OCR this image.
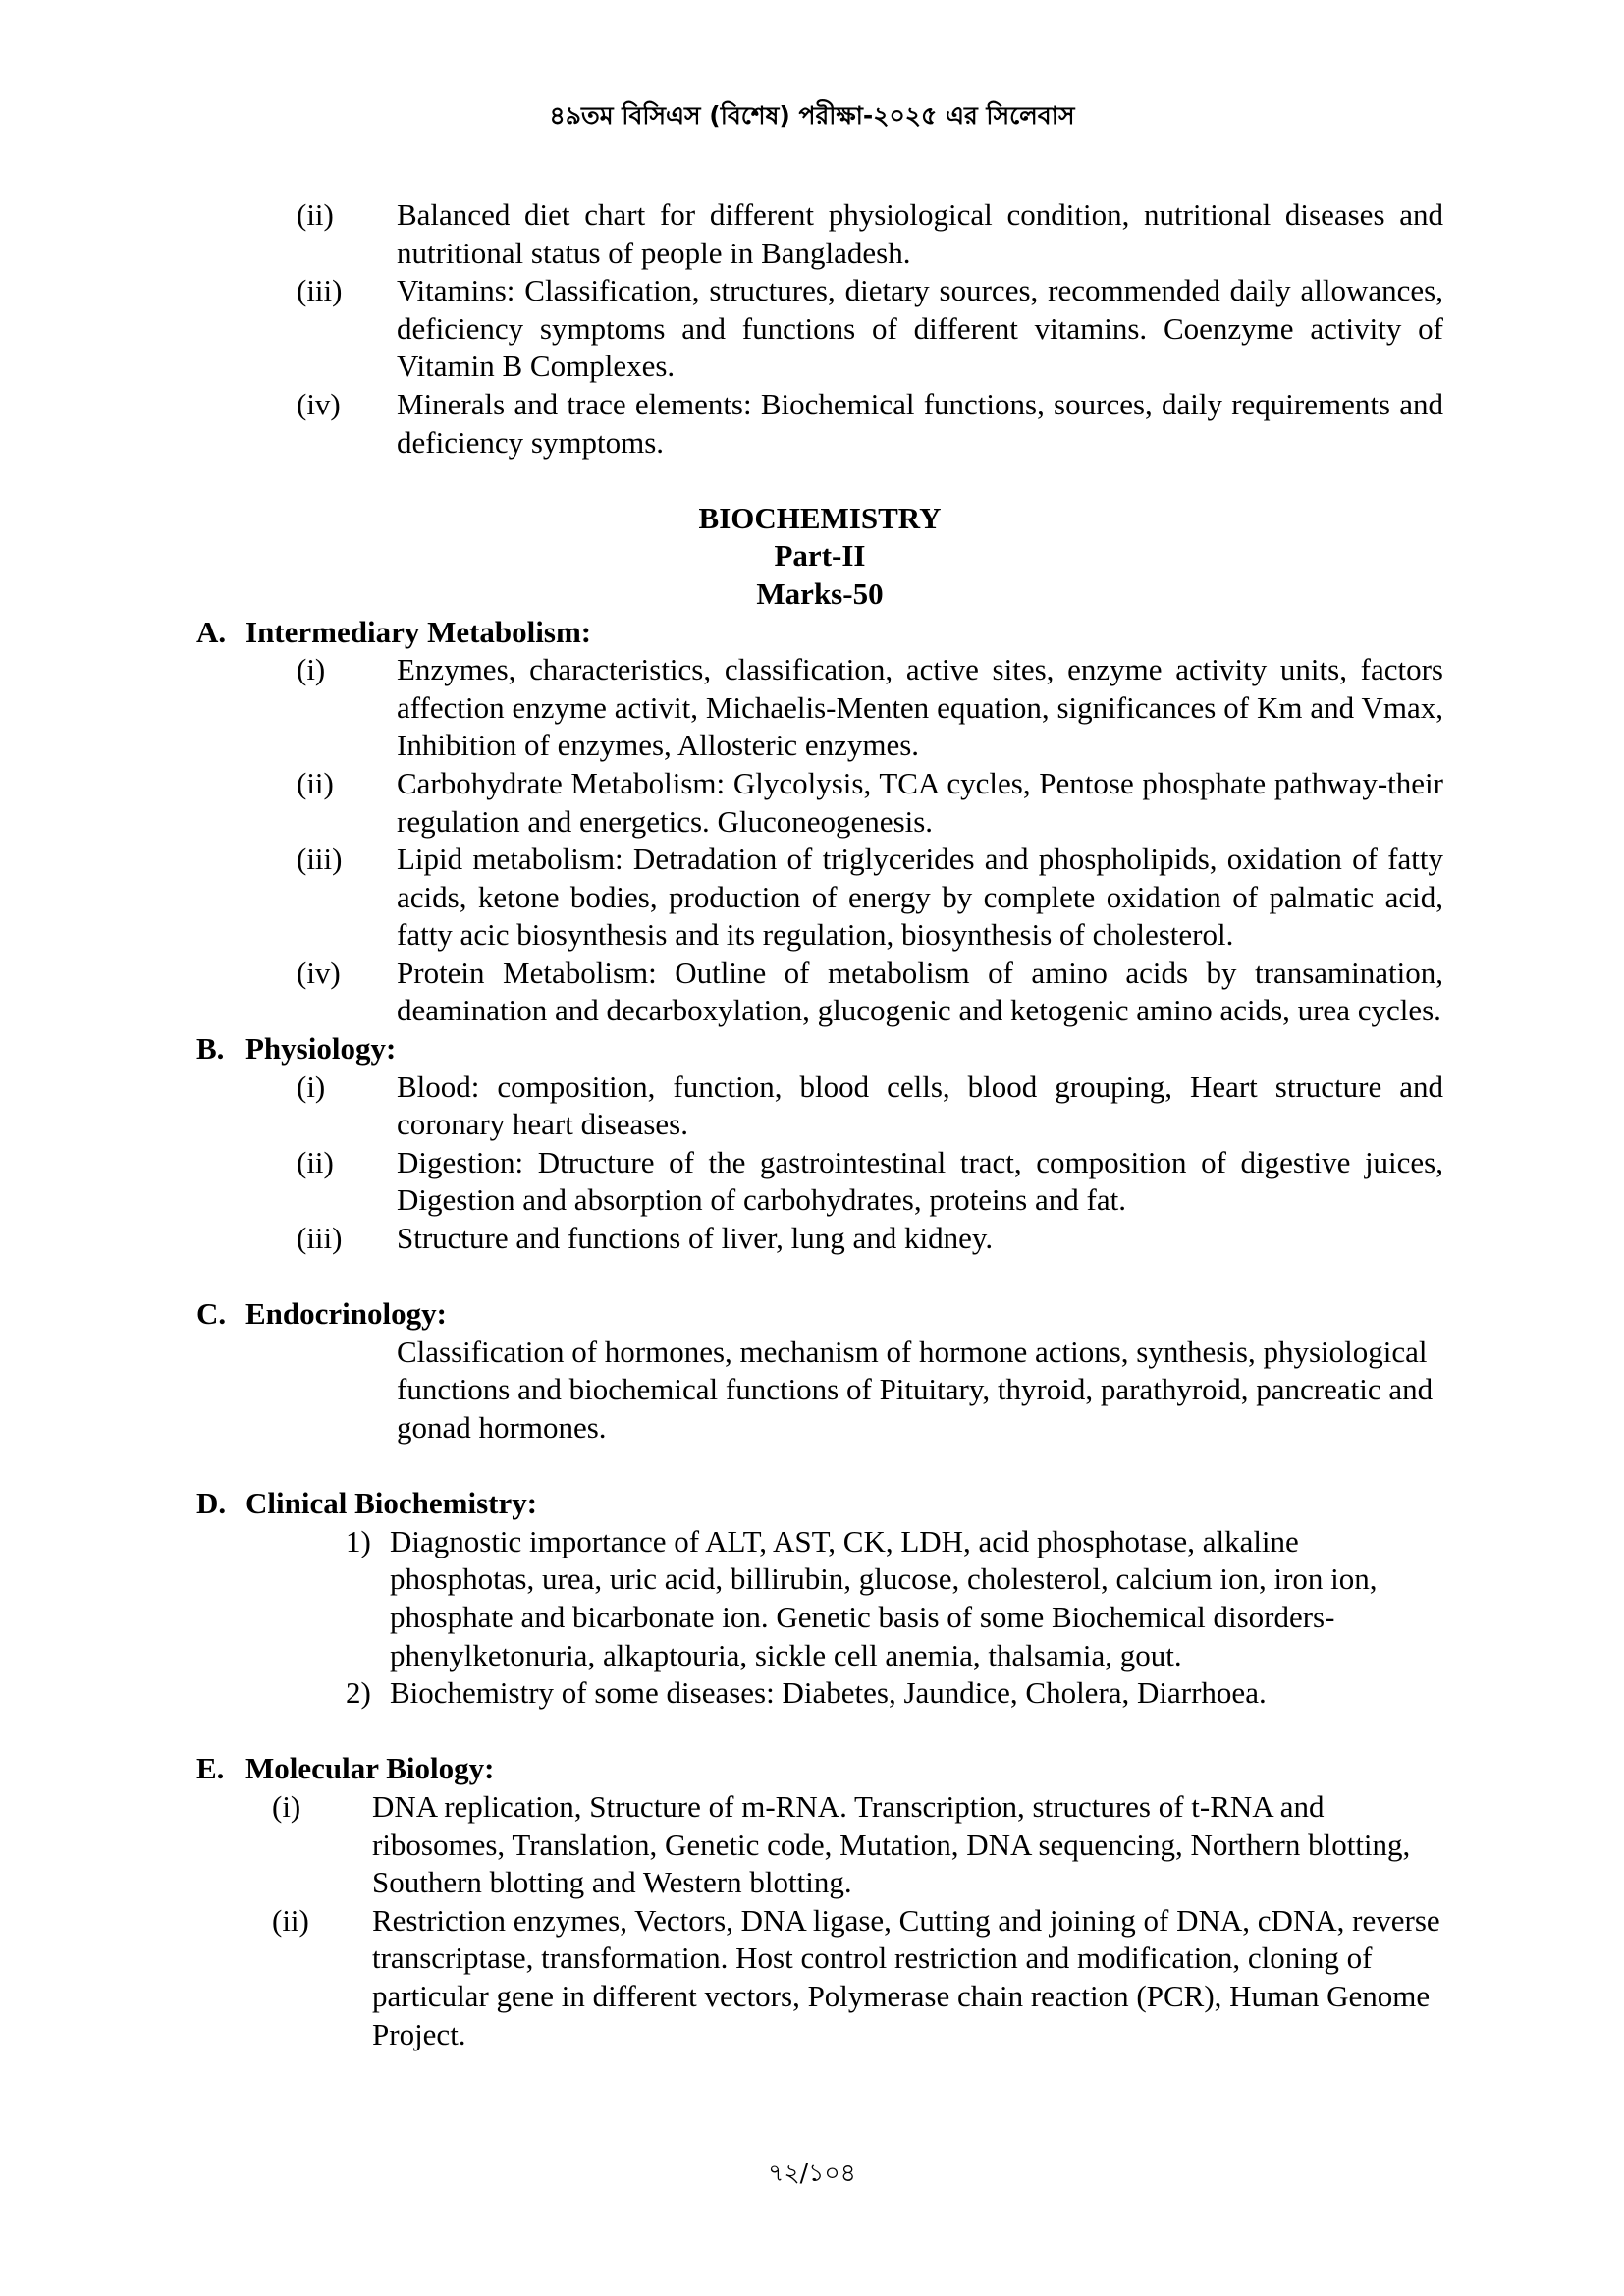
৪৯তম বিসিএস (বিশেষ) পরীক্ষা-২০২৫ এর সিলেবাস
(ii)	Balanced diet chart for different physiological condition, nutritional diseases and nutritional status of people in Bangladesh.
(iii)	Vitamins: Classification, structures, dietary sources, recommended daily allowances, deficiency symptoms and functions of different vitamins. Coenzyme activity of Vitamin B Complexes.
(iv)	Minerals and trace elements: Biochemical functions, sources, daily requirements and deficiency symptoms.
BIOCHEMISTRY
Part-II
Marks-50
A. Intermediary Metabolism:
(i)	Enzymes, characteristics, classification, active sites, enzyme activity units, factors affection enzyme activit, Michaelis-Menten equation, significances of Km and Vmax, Inhibition of enzymes, Allosteric enzymes.
(ii)	Carbohydrate Metabolism: Glycolysis, TCA cycles, Pentose phosphate pathway-their regulation and energetics. Gluconeogenesis.
(iii)	Lipid metabolism: Detradation of triglycerides and phospholipids, oxidation of fatty acids, ketone bodies, production of energy by complete oxidation of palmatic acid, fatty acic biosynthesis and its regulation, biosynthesis of cholesterol.
(iv)	Protein Metabolism: Outline of metabolism of amino acids by transamination, deamination and decarboxylation, glucogenic and ketogenic amino acids, urea cycles.
B. Physiology:
(i)	Blood: composition, function, blood cells, blood grouping, Heart structure and coronary heart diseases.
(ii)	Digestion: Dtructure of the gastrointestinal tract, composition of digestive juices, Digestion and absorption of carbohydrates, proteins and fat.
(iii)	Structure and functions of liver, lung and kidney.
C. Endocrinology:
Classification of hormones, mechanism of hormone actions, synthesis, physiological functions and biochemical functions of Pituitary, thyroid, parathyroid, pancreatic and gonad hormones.
D. Clinical Biochemistry:
1) Diagnostic importance of ALT, AST, CK, LDH, acid phosphotase, alkaline phosphotas, urea, uric acid, billirubin, glucose, cholesterol, calcium ion, iron ion, phosphate and bicarbonate ion. Genetic basis of some Biochemical disorders-phenylketonuria, alkaptouria, sickle cell anemia, thalsamia, gout.
2) Biochemistry of some diseases: Diabetes, Jaundice, Cholera, Diarrhoea.
E. Molecular Biology:
(i)	DNA replication, Structure of m-RNA. Transcription, structures of t-RNA and ribosomes, Translation, Genetic code, Mutation, DNA sequencing, Northern blotting, Southern blotting and Western blotting.
(ii)	Restriction enzymes, Vectors, DNA ligase, Cutting and joining of DNA, cDNA, reverse transcriptase, transformation. Host control restriction and modification, cloning of particular gene in different vectors, Polymerase chain reaction (PCR), Human Genome Project.
৭২/১০৪
